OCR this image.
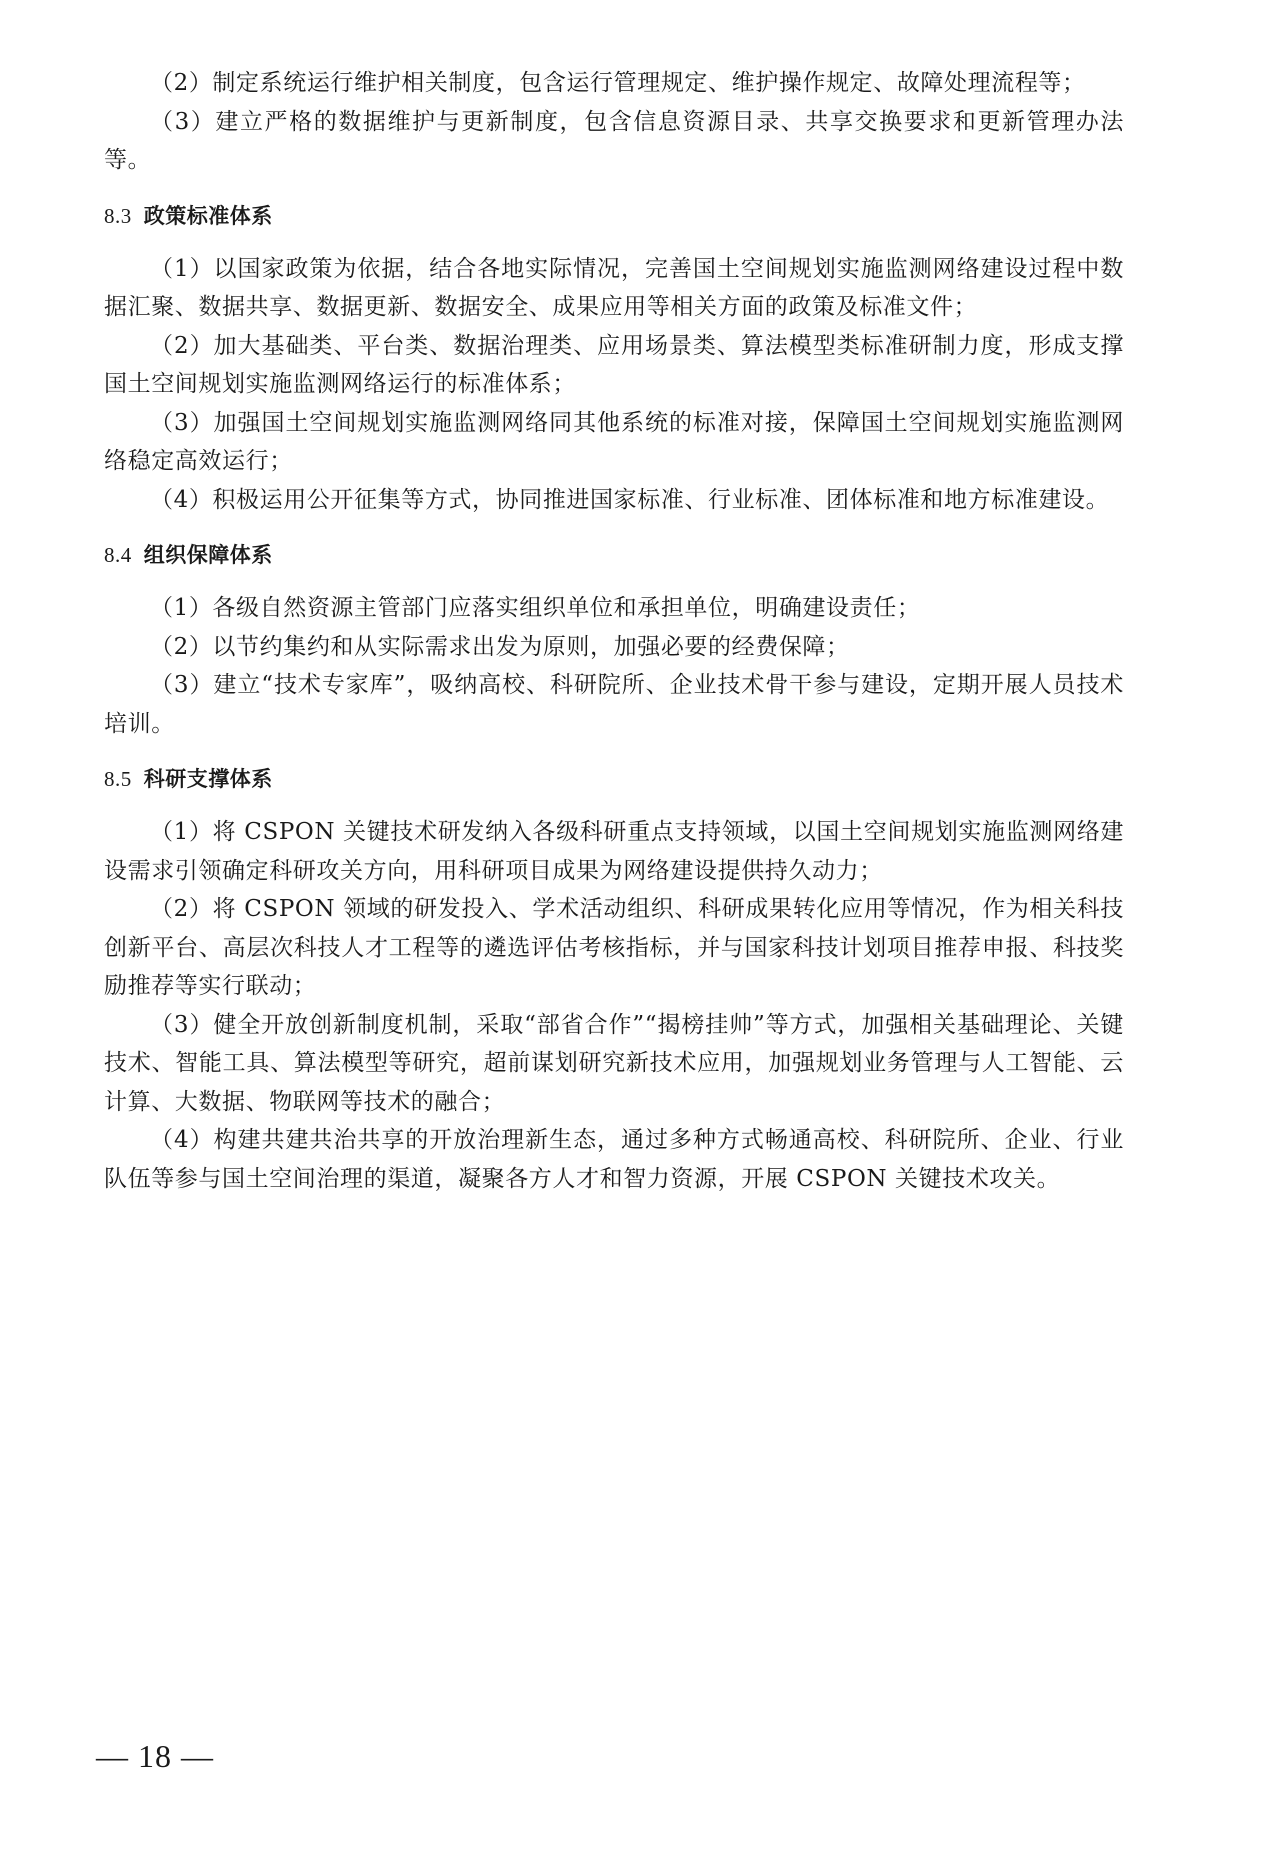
（2）制定系统运行维护相关制度，包含运行管理规定、维护操作规定、故障处理流程等；

（3）建立严格的数据维护与更新制度，包含信息资源目录、共享交换要求和更新管理办法等。

8.3 政策标准体系

（1）以国家政策为依据，结合各地实际情况，完善国土空间规划实施监测网络建设过程中数据汇聚、数据共享、数据更新、数据安全、成果应用等相关方面的政策及标准文件；

（2）加大基础类、平台类、数据治理类、应用场景类、算法模型类标准研制力度，形成支撑国土空间规划实施监测网络运行的标准体系；

（3）加强国土空间规划实施监测网络同其他系统的标准对接，保障国土空间规划实施监测网络稳定高效运行；

（4）积极运用公开征集等方式，协同推进国家标准、行业标准、团体标准和地方标准建设。

8.4 组织保障体系

（1）各级自然资源主管部门应落实组织单位和承担单位，明确建设责任；

（2）以节约集约和从实际需求出发为原则，加强必要的经费保障；

（3）建立“技术专家库”，吸纳高校、科研院所、企业技术骨干参与建设，定期开展人员技术培训。

8.5 科研支撑体系

（1）将 CSPON 关键技术研发纳入各级科研重点支持领域，以国土空间规划实施监测网络建设需求引领确定科研攻关方向，用科研项目成果为网络建设提供持久动力；

（2）将 CSPON 领域的研发投入、学术活动组织、科研成果转化应用等情况，作为相关科技创新平台、高层次科技人才工程等的遴选评估考核指标，并与国家科技计划项目推荐申报、科技奖励推荐等实行联动；

（3）健全开放创新制度机制，采取“部省合作”“揭榜挂帅”等方式，加强相关基础理论、关键技术、智能工具、算法模型等研究，超前谋划研究新技术应用，加强规划业务管理与人工智能、云计算、大数据、物联网等技术的融合；

（4）构建共建共治共享的开放治理新生态，通过多种方式畅通高校、科研院所、企业、行业队伍等参与国土空间治理的渠道，凝聚各方人才和智力资源，开展 CSPON 关键技术攻关。

— 18 —
